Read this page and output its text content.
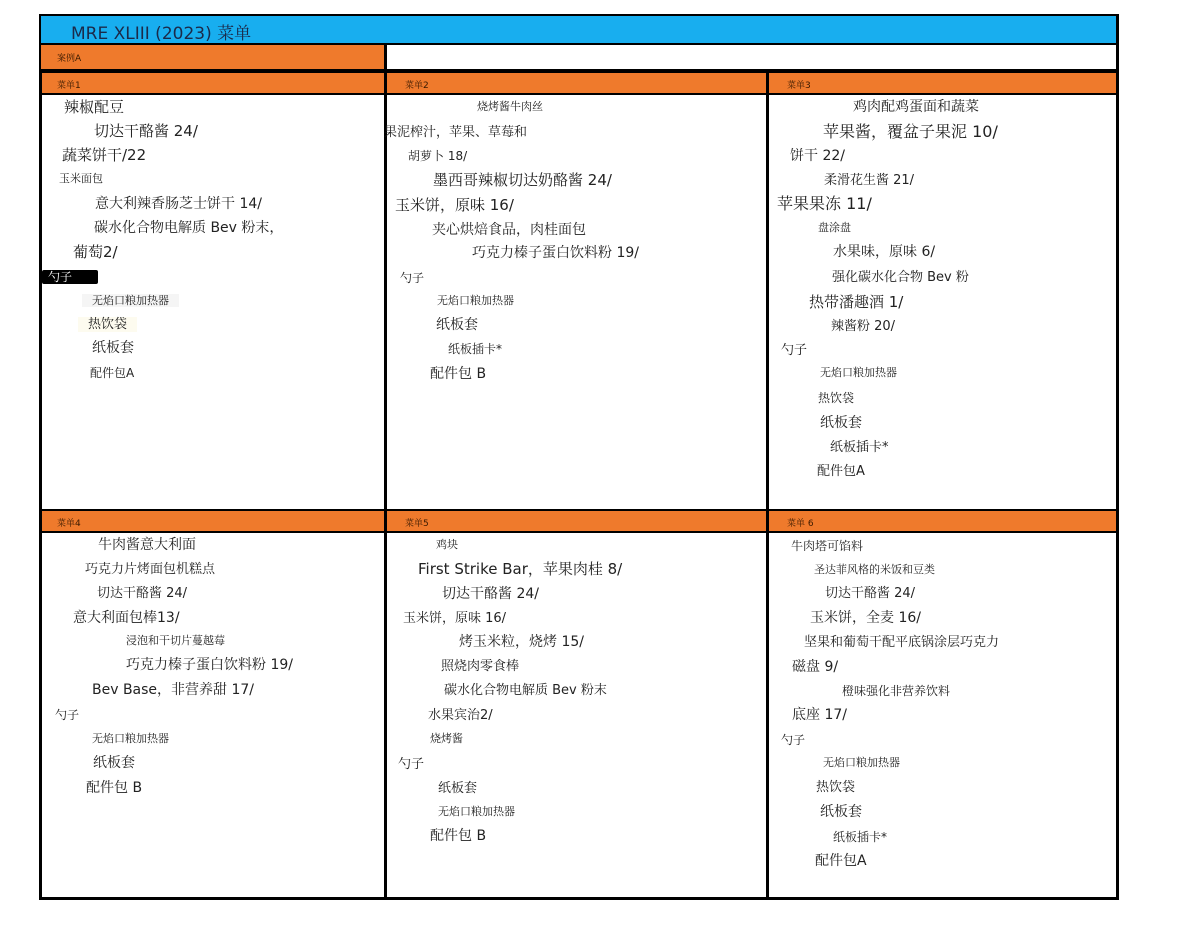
MRE XLIII (2023) 菜单
案例A
菜单1	菜单2	菜单3
菜单4	菜单5	菜单 6
辣椒配豆
切达干酪酱 24/
蔬菜饼干/22
玉米面包
意大利辣香肠芝士饼干 14/
碳水化合物电解质 Bev 粉末，
葡萄2/
勺子
无焰口粮加热器
热饮袋
纸板套
配件包A
烧烤酱牛肉丝
果泥榨汁，苹果、草莓和
胡萝卜 18/
墨西哥辣椒切达奶酪酱 24/
玉米饼，原味 16/
夹心烘焙食品，肉桂面包
巧克力榛子蛋白饮料粉 19/
勺子
无焰口粮加热器
纸板套
纸板插卡*
配件包 B
鸡肉配鸡蛋面和蔬菜
苹果酱，覆盆子果泥 10/
饼干 22/
柔滑花生酱 21/
苹果果冻 11/
盘涂盘
水果味，原味 6/
强化碳水化合物 Bev 粉
热带潘趣酒 1/
辣酱粉 20/
勺子
无焰口粮加热器
热饮袋
纸板套
纸板插卡*
配件包A
牛肉酱意大利面
巧克力片烤面包机糕点
切达干酪酱 24/
意大利面包棒13/
浸泡和干切片蔓越莓
巧克力榛子蛋白饮料粉 19/
Bev Base，非营养甜 17/
勺子
无焰口粮加热器
纸板套
配件包 B
鸡块
First Strike Bar，苹果肉桂 8/
切达干酪酱 24/
玉米饼，原味 16/
烤玉米粒，烧烤 15/
照烧肉零食棒
碳水化合物电解质 Bev 粉末
水果宾治2/
烧烤酱
勺子
纸板套
无焰口粮加热器
配件包 B
牛肉塔可馅料
圣达菲风格的米饭和豆类
切达干酪酱 24/
玉米饼，全麦 16/
坚果和葡萄干配平底锅涂层巧克力
磁盘 9/
橙味强化非营养饮料
底座 17/
勺子
无焰口粮加热器
热饮袋
纸板套
纸板插卡*
配件包A
